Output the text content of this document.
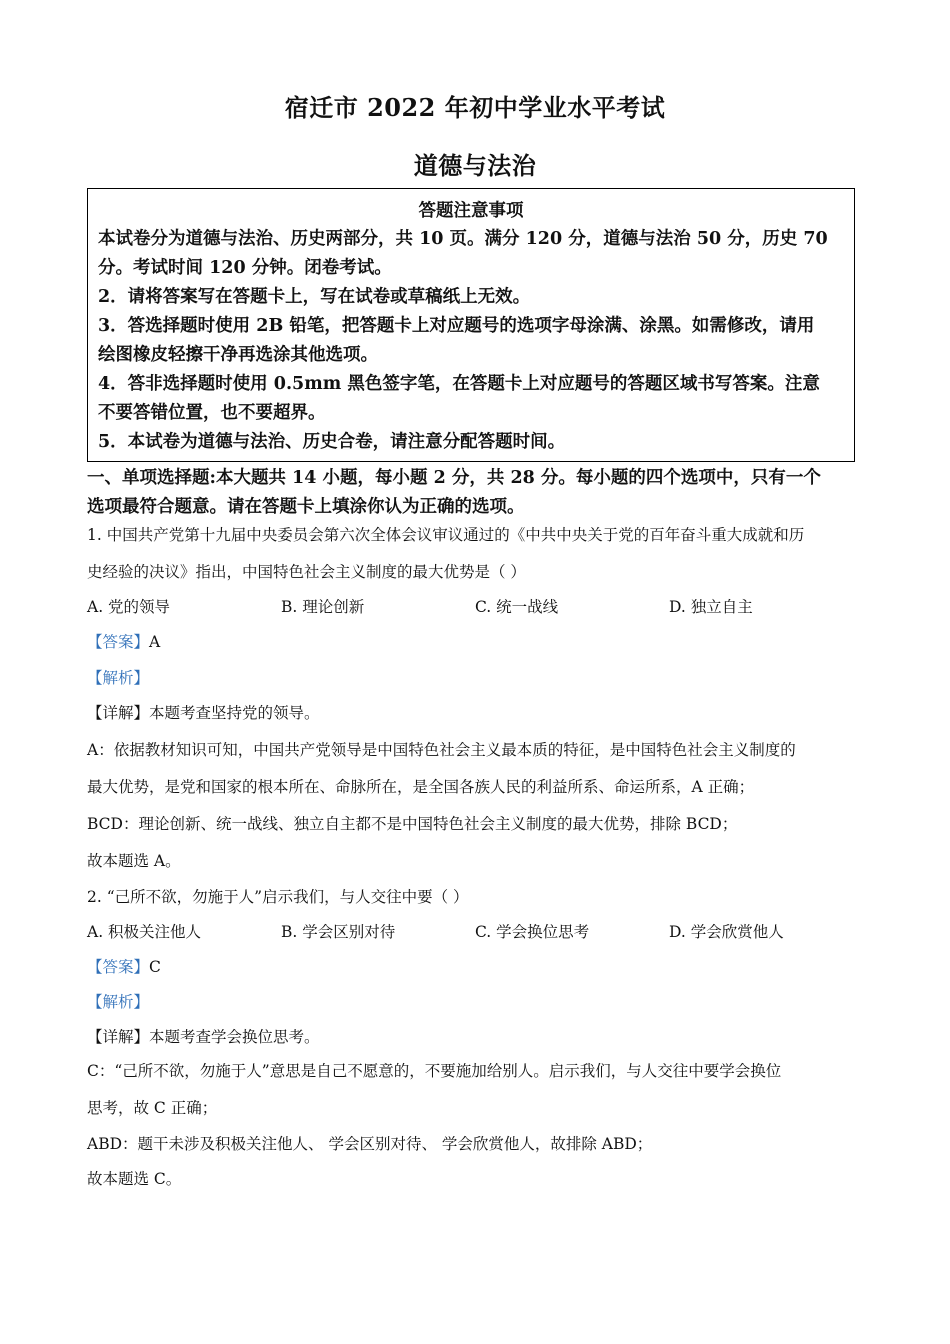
宿迁市 2022 年初中学业水平考试
道德与法治
答题注意事项

本试卷分为道德与法治、历史两部分，共 10 页。满分 120 分，道德与法治 50 分，历史 70

分。考试时间 120 分钟。闭卷考试。

2．请将答案写在答题卡上，写在试卷或草稿纸上无效。

3．答选择题时使用 2B 铅笔，把答题卡上对应题号的选项字母涂满、涂黑。如需修改，请用

绘图橡皮轻擦干净再选涂其他选项。

4．答非选择题时使用 0.5mm 黑色签字笔，在答题卡上对应题号的答题区域书写答案。注意

不要答错位置，也不要超界。

5．本试卷为道德与法治、历史合卷，请注意分配答题时间。

一、单项选择题:本大题共 14 小题，每小题 2 分，共 28 分。每小题的四个选项中，只有一个
选项最符合题意。请在答题卡上填涂你认为正确的选项。
1. 中国共产党第十九届中央委员会第六次全体会议审议通过的《中共中央关于党的百年奋斗重大成就和历
史经验的决议》指出，中国特色社会主义制度的最大优势是（ ）
A. 党的领导	B. 理论创新	C. 统一战线	D. 独立自主
【答案】A
【解析】
【详解】本题考查坚持党的领导。
A：依据教材知识可知，中国共产党领导是中国特色社会主义最本质的特征，是中国特色社会主义制度的
最大优势，是党和国家的根本所在、命脉所在，是全国各族人民的利益所系、命运所系，A 正确；
BCD：理论创新、统一战线、独立自主都不是中国特色社会主义制度的最大优势，排除 BCD；
故本题选 A。
2. “己所不欲，勿施于人”启示我们，与人交往中要（ ）
A. 积极关注他人	B. 学会区别对待	C. 学会换位思考	D. 学会欣赏他人
【答案】C
【解析】
【详解】本题考查学会换位思考。
C：“己所不欲，勿施于人”意思是自己不愿意的，不要施加给别人。启示我们，与人交往中要学会换位
思考，故 C 正确；
ABD：题干未涉及积极关注他人、 学会区别对待、 学会欣赏他人，故排除 ABD；
故本题选 C。
